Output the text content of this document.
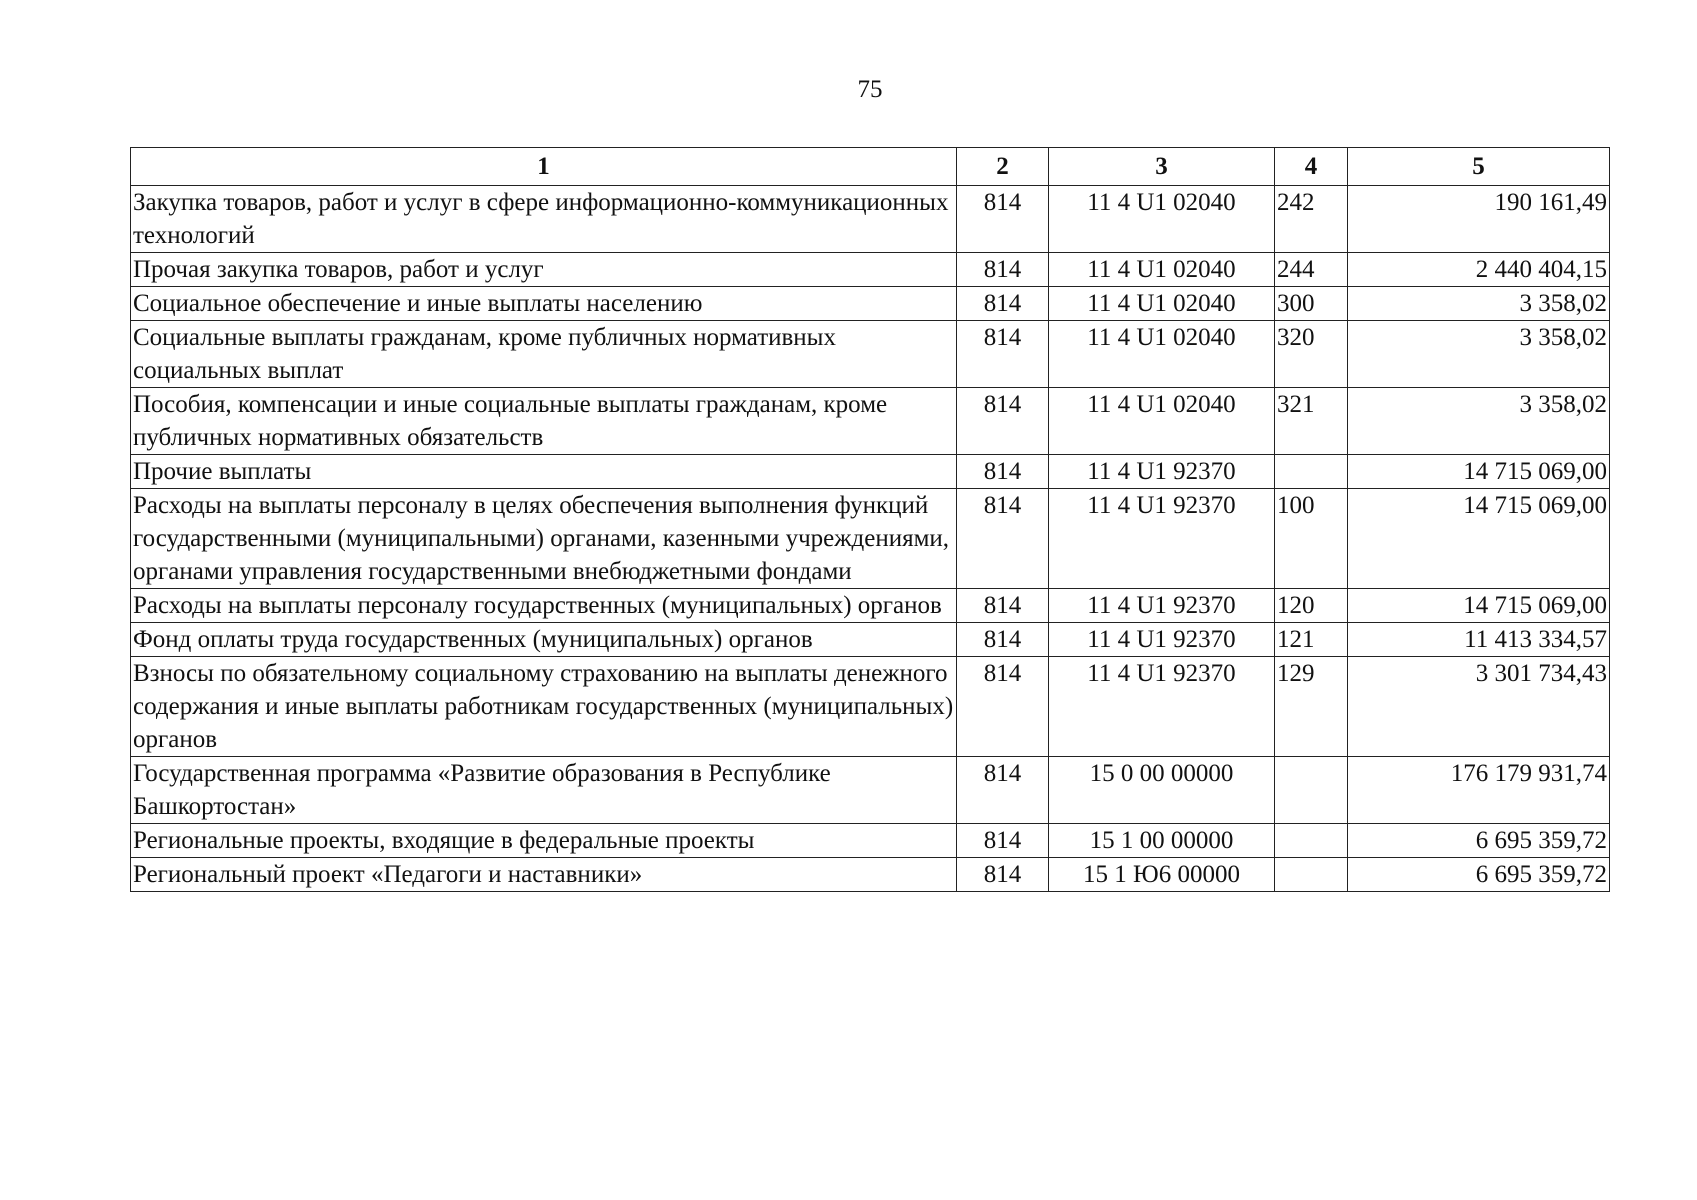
75
1	2	3	4	5
Закупка товаров, работ и услуг в сфере информационно-коммуникационных технологий	814	11 4 U1 02040	242	190 161,49
Прочая закупка товаров, работ и услуг	814	11 4 U1 02040	244	2 440 404,15
Социальное обеспечение и иные выплаты населению	814	11 4 U1 02040	300	3 358,02
Социальные выплаты гражданам, кроме публичных нормативных социальных выплат	814	11 4 U1 02040	320	3 358,02
Пособия, компенсации и иные социальные выплаты гражданам, кроме публичных нормативных обязательств	814	11 4 U1 02040	321	3 358,02
Прочие выплаты	814	11 4 U1 92370		14 715 069,00
Расходы на выплаты персоналу в целях обеспечения выполнения функций государственными (муниципальными) органами, казенными учреждениями, органами управления государственными внебюджетными фондами	814	11 4 U1 92370	100	14 715 069,00
Расходы на выплаты персоналу государственных (муниципальных) органов	814	11 4 U1 92370	120	14 715 069,00
Фонд оплаты труда государственных (муниципальных) органов	814	11 4 U1 92370	121	11 413 334,57
Взносы по обязательному социальному страхованию на выплаты денежного содержания и иные выплаты работникам государственных (муниципальных) органов	814	11 4 U1 92370	129	3 301 734,43
Государственная программа «Развитие образования в Республике Башкортостан»	814	15 0 00 00000		176 179 931,74
Региональные проекты, входящие в федеральные проекты	814	15 1 00 00000		6 695 359,72
Региональный проект «Педагоги и наставники»	814	15 1 Ю6 00000		6 695 359,72
